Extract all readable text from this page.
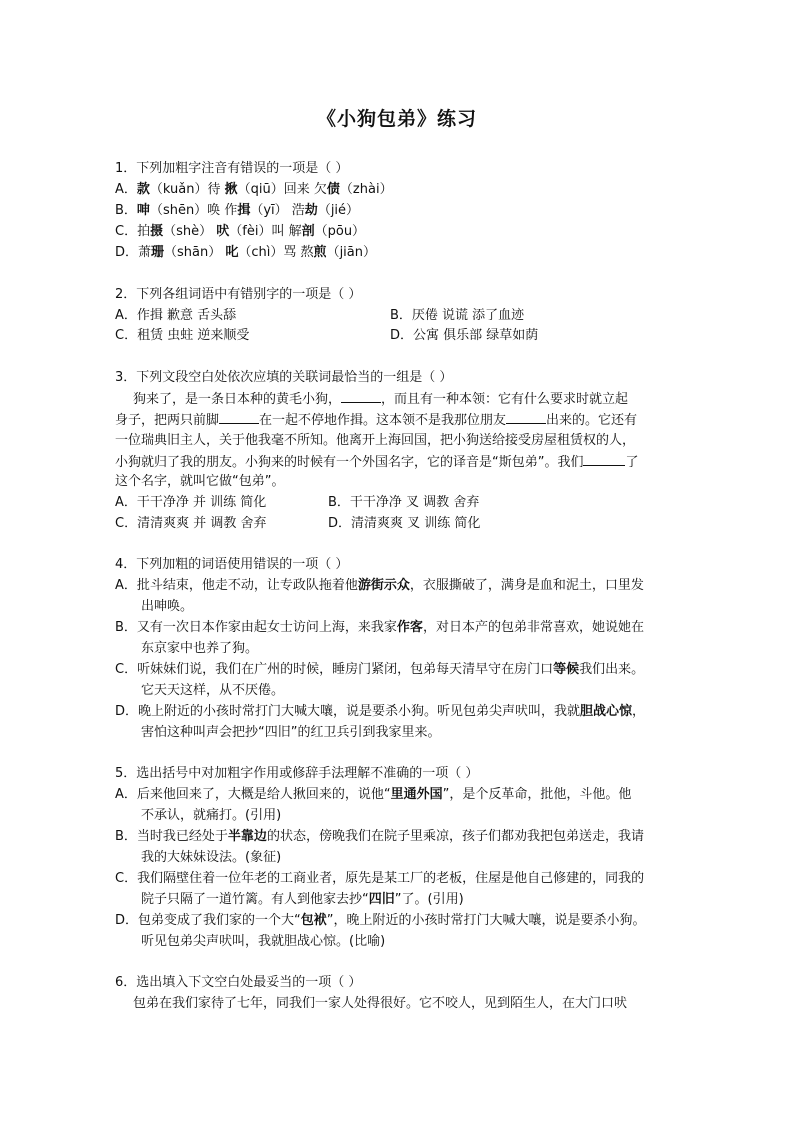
《小狗包弟》练习
1．下列加粗字注音有错误的一项是（ ）
A．款（kuǎn）待 揪（qiū）回来 欠债（zhài）
B．呻（shēn）唤 作揖（yī） 浩劫（jié）
C．拍摄（shè） 吠（fèi）叫 解剖（pōu）
D．萧珊（shān） 叱（chì）骂 熬煎（jiān）
2．下列各组词语中有错别字的一项是（ ）
A．作揖 歉意 舌头舔	B．厌倦 说谎 添了血迹
C．租赁 虫蛀 逆来顺受	D．公寓 俱乐部 绿草如荫
3．下列文段空白处依次应填的关联词最恰当的一组是（ ）
狗来了，是一条日本种的黄毛小狗，	，而且有一种本领：它有什么要求时就立起
身子，把两只前脚	在一起不停地作揖。这本领不是我那位朋友	出来的。它还有
一位瑞典旧主人，关于他我毫不所知。他离开上海回国，把小狗送给接受房屋租赁权的人，
小狗就归了我的朋友。小狗来的时候有一个外国名字，它的译音是“斯包弟”。我们	了
这个名字，就叫它做“包弟”。
A．干干净净 并 训练 简化	B．干干净净 叉 调教 舍弃
C．清清爽爽 并 调教 舍弃	D．清清爽爽 叉 训练 简化
4．下列加粗的词语使用错误的一项（ ）
A．批斗结束，他走不动，让专政队拖着他游街示众，衣服撕破了，满身是血和泥土，口里发
出呻唤。
B．又有一次日本作家由起女士访问上海，来我家作客，对日本产的包弟非常喜欢，她说她在
东京家中也养了狗。
C．听妹妹们说，我们在广州的时候，睡房门紧闭，包弟每天清早守在房门口等候我们出来。
它天天这样，从不厌倦。
D．晚上附近的小孩时常打门大喊大嚷，说是要杀小狗。听见包弟尖声吠叫，我就胆战心惊，
害怕这种叫声会把抄“四旧”的红卫兵引到我家里来。
5．选出括号中对加粗字作用或修辞手法理解不准确的一项（ ）
A．后来他回来了，大概是给人揪回来的，说他“里通外国”，是个反革命，批他，斗他。他
不承认，就痛打。(引用)
B．当时我已经处于半靠边的状态，傍晚我们在院子里乘凉，孩子们都劝我把包弟送走，我请
我的大妹妹设法。(象征)
C．我们隔壁住着一位年老的工商业者，原先是某工厂的老板，住屋是他自己修建的，同我的
院子只隔了一道竹篱。有人到他家去抄“四旧”了。(引用)
D．包弟变成了我们家的一个大“包袱”，晚上附近的小孩时常打门大喊大嚷，说是要杀小狗。
听见包弟尖声吠叫，我就胆战心惊。(比喻)
6．选出填入下文空白处最妥当的一项（ ）
包弟在我们家待了七年，同我们一家人处得很好。它不咬人，见到陌生人，在大门口吠
